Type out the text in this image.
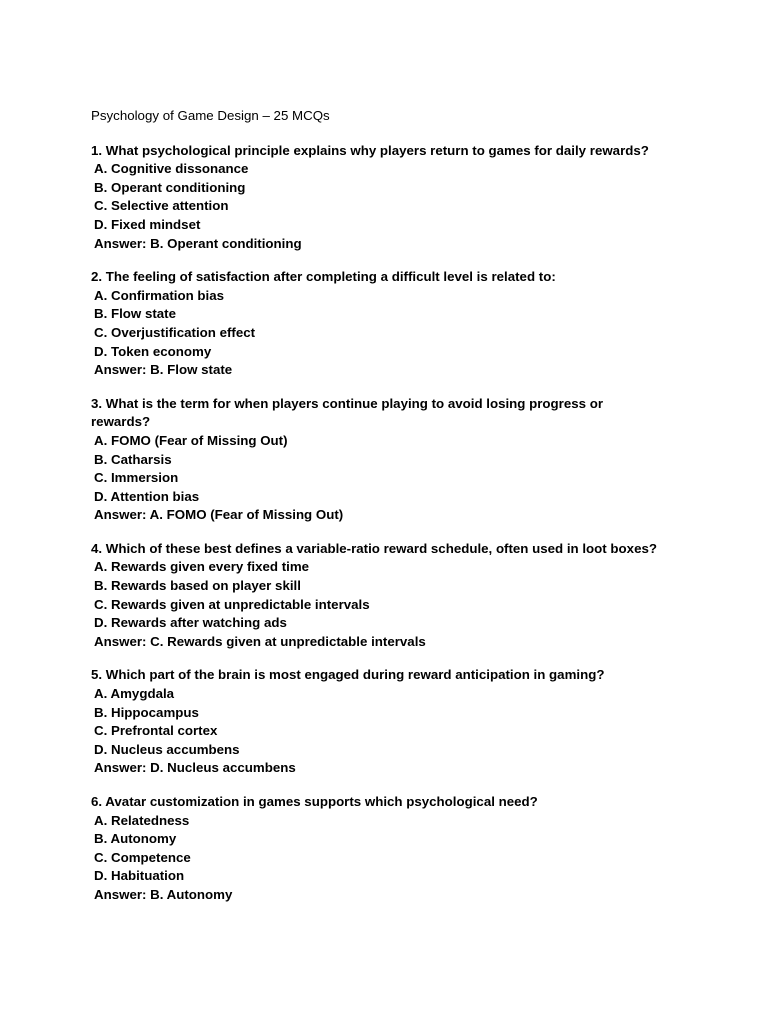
Psychology of Game Design – 25 MCQs
1. What psychological principle explains why players return to games for daily rewards?
A. Cognitive dissonance
B. Operant conditioning
C. Selective attention
D. Fixed mindset
Answer: B. Operant conditioning
2. The feeling of satisfaction after completing a difficult level is related to:
A. Confirmation bias
B. Flow state
C. Overjustification effect
D. Token economy
Answer: B. Flow state
3. What is the term for when players continue playing to avoid losing progress or rewards?
A. FOMO (Fear of Missing Out)
B. Catharsis
C. Immersion
D. Attention bias
Answer: A. FOMO (Fear of Missing Out)
4. Which of these best defines a variable-ratio reward schedule, often used in loot boxes?
A. Rewards given every fixed time
B. Rewards based on player skill
C. Rewards given at unpredictable intervals
D. Rewards after watching ads
Answer: C. Rewards given at unpredictable intervals
5. Which part of the brain is most engaged during reward anticipation in gaming?
A. Amygdala
B. Hippocampus
C. Prefrontal cortex
D. Nucleus accumbens
Answer: D. Nucleus accumbens
6. Avatar customization in games supports which psychological need?
A. Relatedness
B. Autonomy
C. Competence
D. Habituation
Answer: B. Autonomy
